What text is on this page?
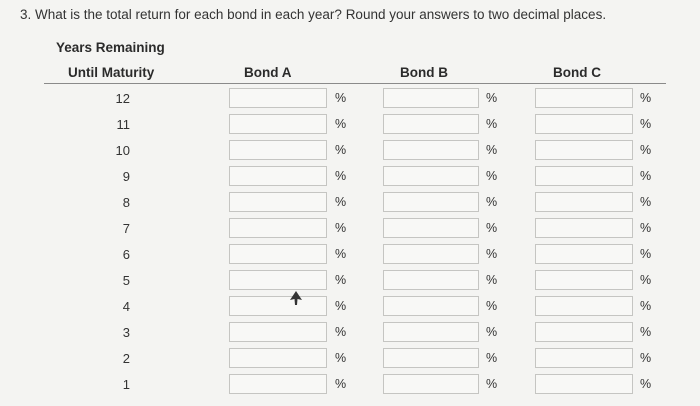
3. What is the total return for each bond in each year? Round your answers to two decimal places.
Years Remaining
Until Maturity	Bond A	Bond B	Bond C
12	%	%	%
11	%	%	%
10	%	%	%
9	%	%	%
8	%	%	%
7	%	%	%
6	%	%	%
5	%	%	%
4	%	%	%
3	%	%	%
2	%	%	%
1	%	%	%
